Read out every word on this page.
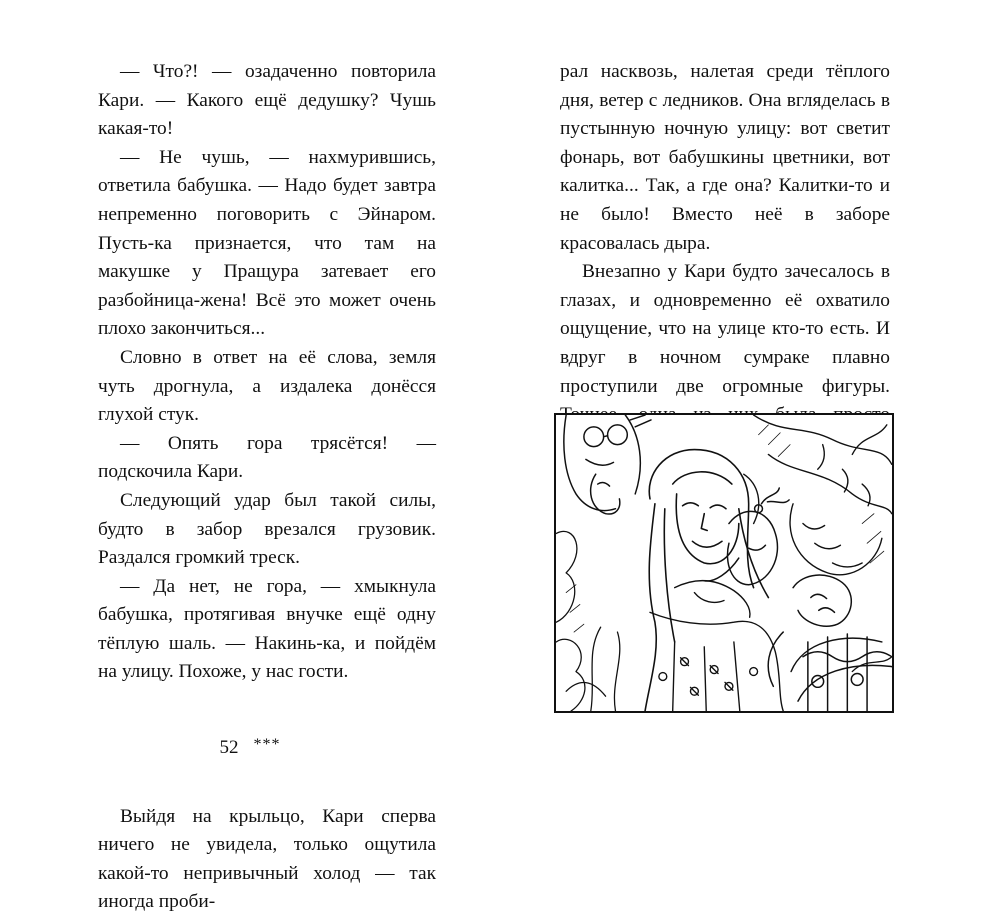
— Что?! — озадаченно повторила Кари. — Какого ещё дедушку? Чушь какая-то!

— Не чушь, — нахмурившись, ответила бабушка. — Надо будет завтра непременно поговорить с Эйнаром. Пусть-ка признается, что там на макушке у Пращура затевает его разбойница-жена! Всё это может очень плохо закончиться...

Словно в ответ на её слова, земля чуть дрогнула, а издалека донёсся глухой стук.

— Опять гора трясётся! — подскочила Кари.

Следующий удар был такой силы, будто в забор врезался грузовик. Раздался громкий треск.

— Да нет, не гора, — хмыкнула бабушка, протягивая внучке ещё одну тёплую шаль. — Накинь-ка, и пойдём на улицу. Похоже, у нас гости.

***

Выйдя на крыльцо, Кари сперва ничего не увидела, только ощутила какой-то непривычный холод — так иногда проби-

52

рал насквозь, налетая среди тёплого дня, ветер с ледников. Она вгляделась в пустынную ночную улицу: вот светит фонарь, вот бабушкины цветники, вот калитка... Так, а где она? Калитки-то и не было! Вместо неё в заборе красовалась дыра.

Внезапно у Кари будто зачесалось в глазах, и одновременно её охватило ощущение, что на улице кто-то есть. И вдруг в ночном сумраке плавно проступили две огромные фигуры.
